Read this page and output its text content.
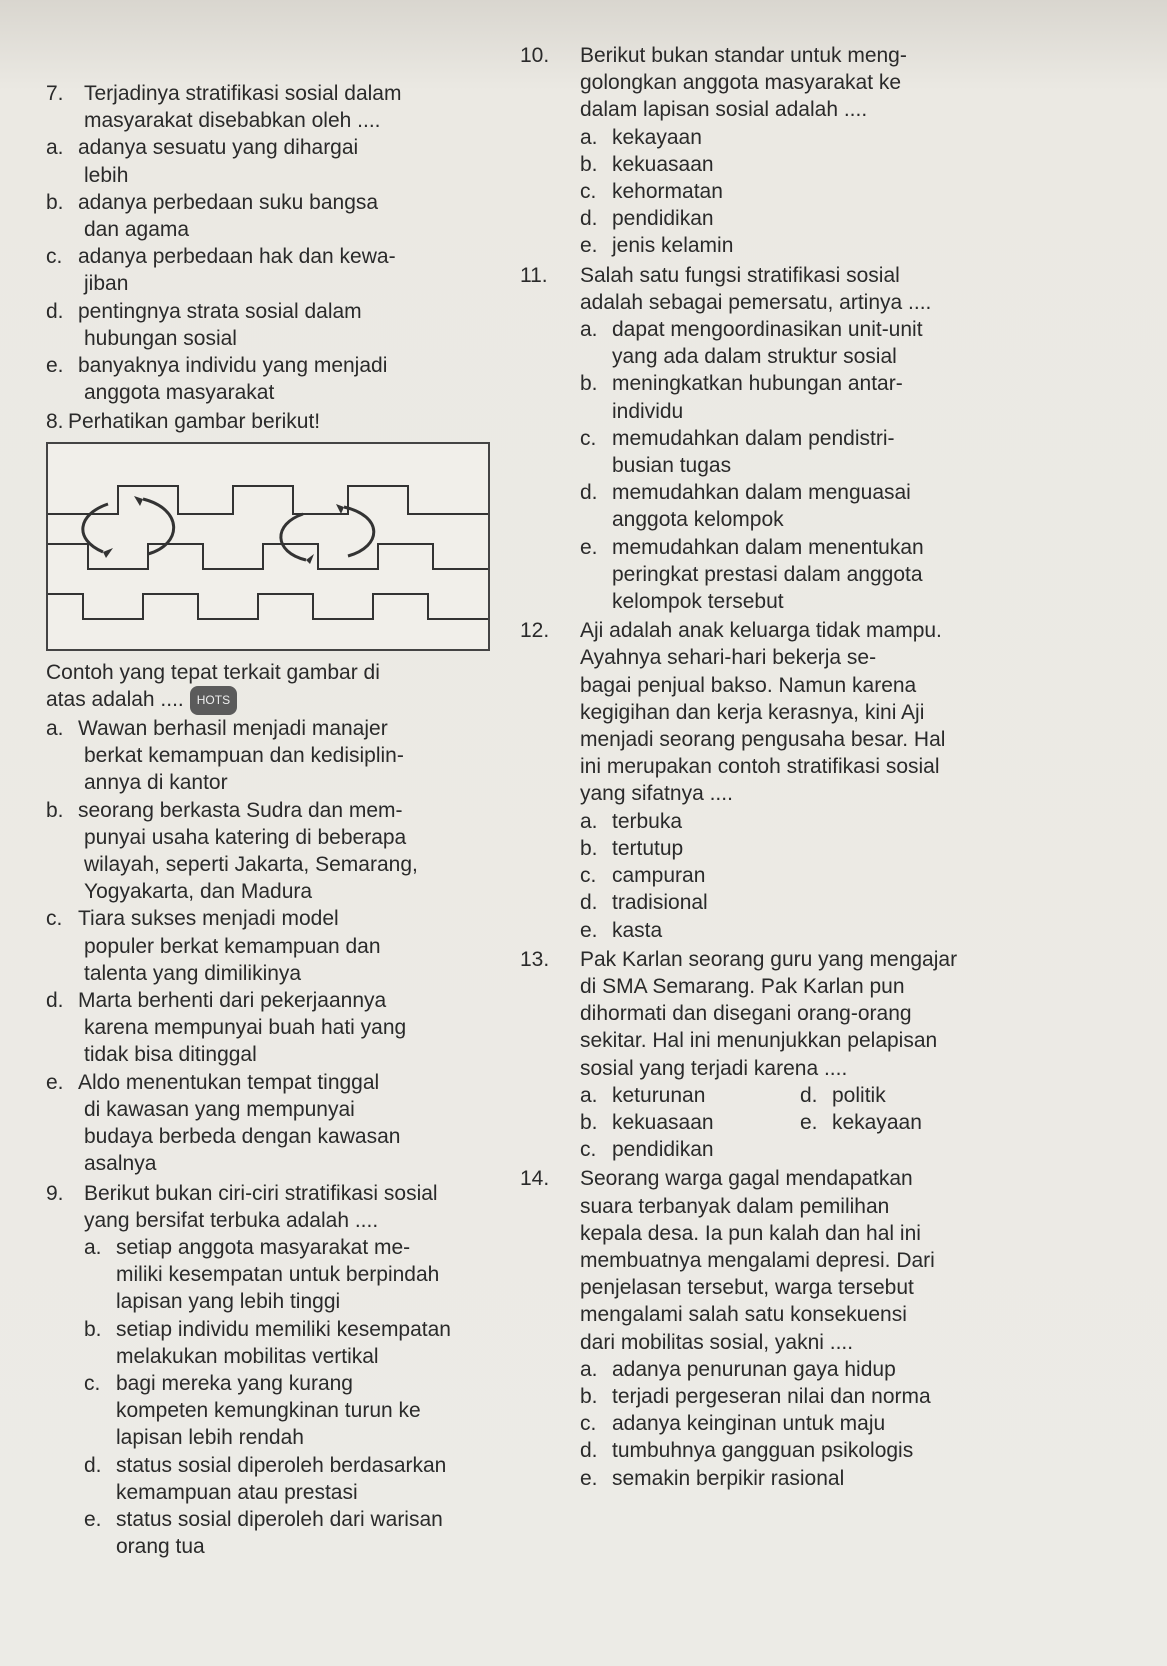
7. Terjadinya stratifikasi sosial dalam
masyarakat disebabkan oleh ....
a. adanya sesuatu yang dihargai
lebih
b. adanya perbedaan suku bangsa
dan agama
c. adanya perbedaan hak dan kewa-
jiban
d. pentingnya strata sosial dalam
hubungan sosial
e. banyaknya individu yang menjadi
anggota masyarakat
8. Perhatikan gambar berikut!
Contoh yang tepat terkait gambar di
atas adalah .... HOTS
a. Wawan berhasil menjadi manajer
berkat kemampuan dan kedisiplin-
annya di kantor
b. seorang berkasta Sudra dan mem-
punyai usaha katering di beberapa
wilayah, seperti Jakarta, Semarang,
Yogyakarta, dan Madura
c. Tiara sukses menjadi model
populer berkat kemampuan dan
talenta yang dimilikinya
d. Marta berhenti dari pekerjaannya
karena mempunyai buah hati yang
tidak bisa ditinggal
e. Aldo menentukan tempat tinggal
di kawasan yang mempunyai
budaya berbeda dengan kawasan
asalnya
9. Berikut bukan ciri-ciri stratifikasi sosial
yang bersifat terbuka adalah ....
a. setiap anggota masyarakat me-
miliki kesempatan untuk berpindah
lapisan yang lebih tinggi
b. setiap individu memiliki kesempatan
melakukan mobilitas vertikal
c. bagi mereka yang kurang
kompeten kemungkinan turun ke
lapisan lebih rendah
d. status sosial diperoleh berdasarkan
kemampuan atau prestasi
e. status sosial diperoleh dari warisan
orang tua
10. Berikut bukan standar untuk meng-
golongkan anggota masyarakat ke
dalam lapisan sosial adalah ....
a. kekayaan
b. kekuasaan
c. kehormatan
d. pendidikan
e. jenis kelamin
11. Salah satu fungsi stratifikasi sosial
adalah sebagai pemersatu, artinya ....
a. dapat mengoordinasikan unit-unit
yang ada dalam struktur sosial
b. meningkatkan hubungan antar-
individu
c. memudahkan dalam pendistri-
busian tugas
d. memudahkan dalam menguasai
anggota kelompok
e. memudahkan dalam menentukan
peringkat prestasi dalam anggota
kelompok tersebut
12. Aji adalah anak keluarga tidak mampu.
Ayahnya sehari-hari bekerja se-
bagai penjual bakso. Namun karena
kegigihan dan kerja kerasnya, kini Aji
menjadi seorang pengusaha besar. Hal
ini merupakan contoh stratifikasi sosial
yang sifatnya ....
a. terbuka
b. tertutup
c. campuran
d. tradisional
e. kasta
13. Pak Karlan seorang guru yang mengajar
di SMA Semarang. Pak Karlan pun
dihormati dan disegani orang-orang
sekitar. Hal ini menunjukkan pelapisan
sosial yang terjadi karena ....
a. keturunan	d. politik
b. kekuasaan	e. kekayaan
c. pendidikan
14. Seorang warga gagal mendapatkan
suara terbanyak dalam pemilihan
kepala desa. Ia pun kalah dan hal ini
membuatnya mengalami depresi. Dari
penjelasan tersebut, warga tersebut
mengalami salah satu konsekuensi
dari mobilitas sosial, yakni ....
a. adanya penurunan gaya hidup
b. terjadi pergeseran nilai dan norma
c. adanya keinginan untuk maju
d. tumbuhnya gangguan psikologis
e. semakin berpikir rasional
